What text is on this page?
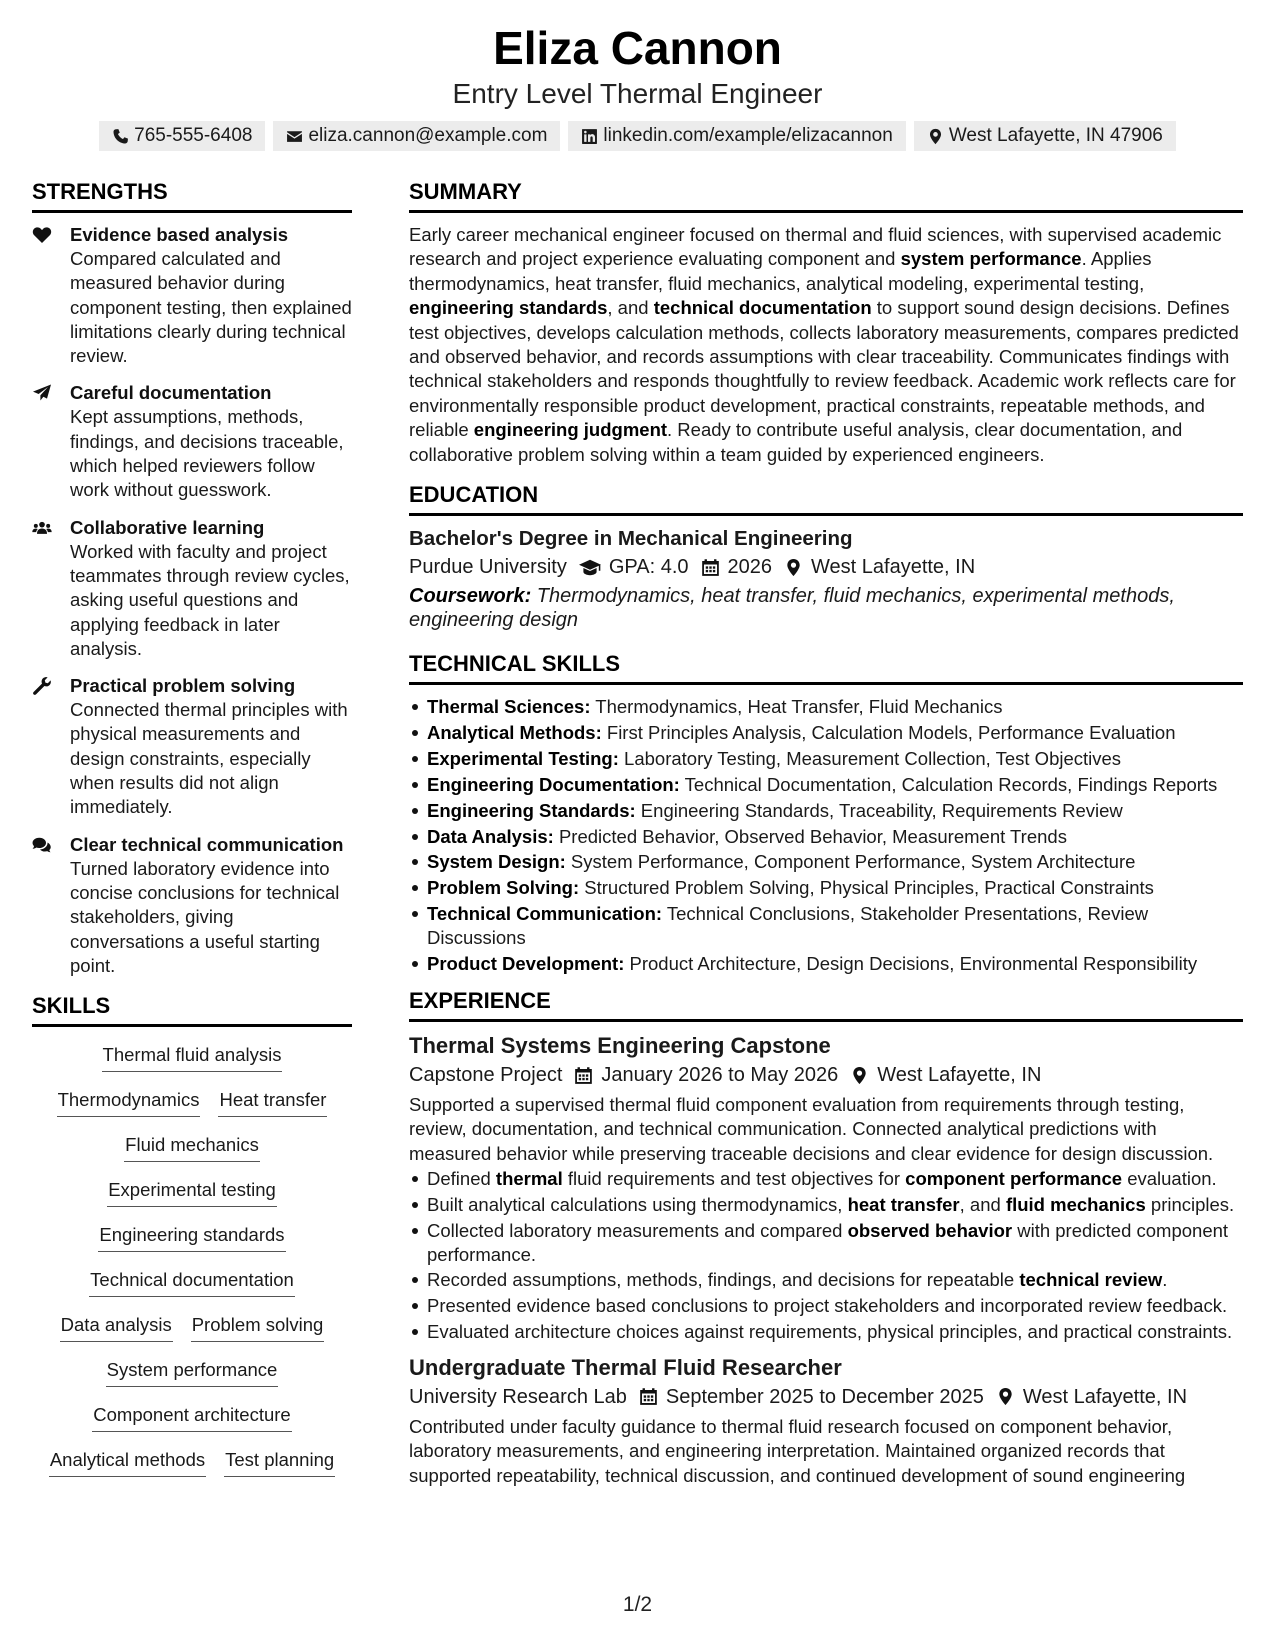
Eliza Cannon
Entry Level Thermal Engineer
765-555-6408	eliza.cannon@example.com	linkedin.com/example/elizacannon	West Lafayette, IN 47906
STRENGTHS
Evidence based analysis
Compared calculated and measured behavior during component testing, then explained limitations clearly during technical review.
Careful documentation
Kept assumptions, methods, findings, and decisions traceable, which helped reviewers follow work without guesswork.
Collaborative learning
Worked with faculty and project teammates through review cycles, asking useful questions and applying feedback in later analysis.
Practical problem solving
Connected thermal principles with physical measurements and design constraints, especially when results did not align immediately.
Clear technical communication
Turned laboratory evidence into concise conclusions for technical stakeholders, giving conversations a useful starting point.
SKILLS
Thermal fluid analysis
Thermodynamics Heat transfer
Fluid mechanics
Experimental testing
Engineering standards
Technical documentation
Data analysis Problem solving
System performance
Component architecture
Analytical methods Test planning
SUMMARY

Early career mechanical engineer focused on thermal and fluid sciences, with supervised academic research and project experience evaluating component and system performance. Applies thermodynamics, heat transfer, fluid mechanics, analytical modeling, experimental testing, engineering standards, and technical documentation to support sound design decisions. Defines test objectives, develops calculation methods, collects laboratory measurements, compares predicted and observed behavior, and records assumptions with clear traceability. Communicates findings with technical stakeholders and responds thoughtfully to review feedback. Academic work reflects care for environmentally responsible product development, practical constraints, repeatable methods, and reliable engineering judgment. Ready to contribute useful analysis, clear documentation, and collaborative problem solving within a team guided by experienced engineers.

EDUCATION
Bachelor's Degree in Mechanical Engineering
Purdue University GPA: 4.0 2026 West Lafayette, IN
Coursework: Thermodynamics, heat transfer, fluid mechanics, experimental methods, engineering design
TECHNICAL SKILLS
Thermal Sciences: Thermodynamics, Heat Transfer, Fluid Mechanics
Analytical Methods: First Principles Analysis, Calculation Models, Performance Evaluation
Experimental Testing: Laboratory Testing, Measurement Collection, Test Objectives
Engineering Documentation: Technical Documentation, Calculation Records, Findings Reports
Engineering Standards: Engineering Standards, Traceability, Requirements Review
Data Analysis: Predicted Behavior, Observed Behavior, Measurement Trends
System Design: System Performance, Component Performance, System Architecture
Problem Solving: Structured Problem Solving, Physical Principles, Practical Constraints
Technical Communication: Technical Conclusions, Stakeholder Presentations, Review Discussions
Product Development: Product Architecture, Design Decisions, Environmental Responsibility
EXPERIENCE
Thermal Systems Engineering Capstone
Capstone Project January 2026 to May 2026 West Lafayette, IN

Supported a supervised thermal fluid component evaluation from requirements through testing, review, documentation, and technical communication. Connected analytical predictions with measured behavior while preserving traceable decisions and clear evidence for design discussion.

Defined thermal fluid requirements and test objectives for component performance evaluation.
Built analytical calculations using thermodynamics, heat transfer, and fluid mechanics principles.
Collected laboratory measurements and compared observed behavior with predicted component performance.
Recorded assumptions, methods, findings, and decisions for repeatable technical review.
Presented evidence based conclusions to project stakeholders and incorporated review feedback.
Evaluated architecture choices against requirements, physical principles, and practical constraints.
Undergraduate Thermal Fluid Researcher
University Research Lab September 2025 to December 2025 West Lafayette, IN

Contributed under faculty guidance to thermal fluid research focused on component behavior, laboratory measurements, and engineering interpretation. Maintained organized records that supported repeatability, technical discussion, and continued development of sound engineering

1/2
